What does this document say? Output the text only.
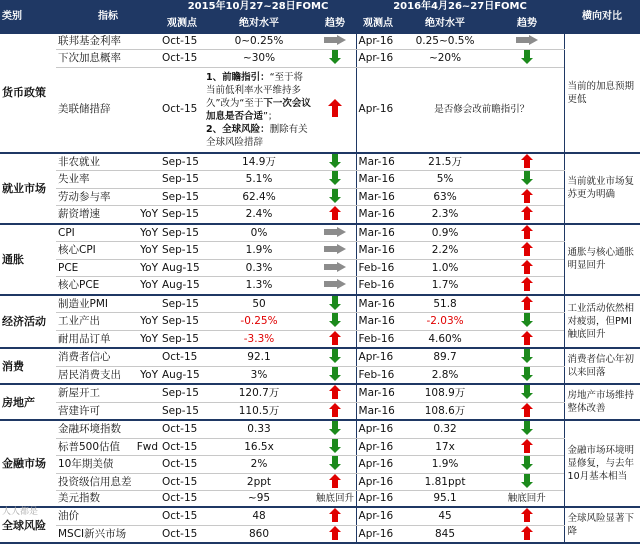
类别	指标	2015年10月27~28日FOMC			2016年4月26~27日FOMC			横向对比
		观测点	绝对水平	趋势	观测点	绝对水平	趋势	
货币政策	联邦基金利率	Oct-15	0~0.25%		Apr-16	0.25~0.5%		当前的加息预期更低
	下次加息概率	Oct-15	~30%		Apr-16	~20%		
	美联储措辞	Oct-15	1、前瞻指引：“至于将当前低利率水平维持多久”改为“至于下一次会议加息是否合适”；
2、全球风险：删除有关全球风险措辞		Apr-16	是否修会改前瞻指引？		
就业市场	非农就业	Sep-15	14.9万		Mar-16	21.5万		当前就业市场复苏更为明确
	失业率	Sep-15	5.1%		Mar-16	5%		
	劳动参与率	Sep-15	62.4%		Mar-16	63%		
	薪资增速 YoY	Sep-15	2.4%		Mar-16	2.3%		
通胀	CPI YoY	Sep-15	0%		Mar-16	0.9%		通胀与核心通胀明显回升
	核心CPI YoY	Sep-15	1.9%		Mar-16	2.2%		
	PCE YoY	Aug-15	0.3%		Feb-16	1.0%		
	核心PCE YoY	Aug-15	1.3%		Feb-16	1.7%		
经济活动	制造业PMI	Sep-15	50		Mar-16	51.8		工业活动依然相对疲弱，但PMI触底回升
	工业产出 YoY	Sep-15	-0.25%		Mar-16	-2.03%		
	耐用品订单 YoY	Sep-15	-3.3%		Feb-16	4.60%		
消费	消费者信心	Oct-15	92.1		Apr-16	89.7		消费者信心年初以来回落
	居民消费支出 YoY	Aug-15	3%		Feb-16	2.8%		
房地产	新屋开工	Sep-15	120.7万		Mar-16	108.9万		房地产市场维持整体改善
	营建许可	Sep-15	110.5万		Mar-16	108.6万		
金融市场	金融环境指数	Oct-15	0.33		Apr-16	0.32		金融市场环境明显修复，与去年10月基本相当
	标普500估值 Fwd	Oct-15	16.5x		Apr-16	17x		
	10年期美债	Oct-15	2%		Apr-16	1.9%		
	投资级信用息差	Oct-15	2ppt		Apr-16	1.81ppt		
	美元指数	Oct-15	~95	触底回升	Apr-16	95.1	触底回升	
全球风险	油价	Oct-15	48		Apr-16	45		全球风险显著下降
	MSCI新兴市场	Oct-15	860		Apr-16	845		
人人都是
